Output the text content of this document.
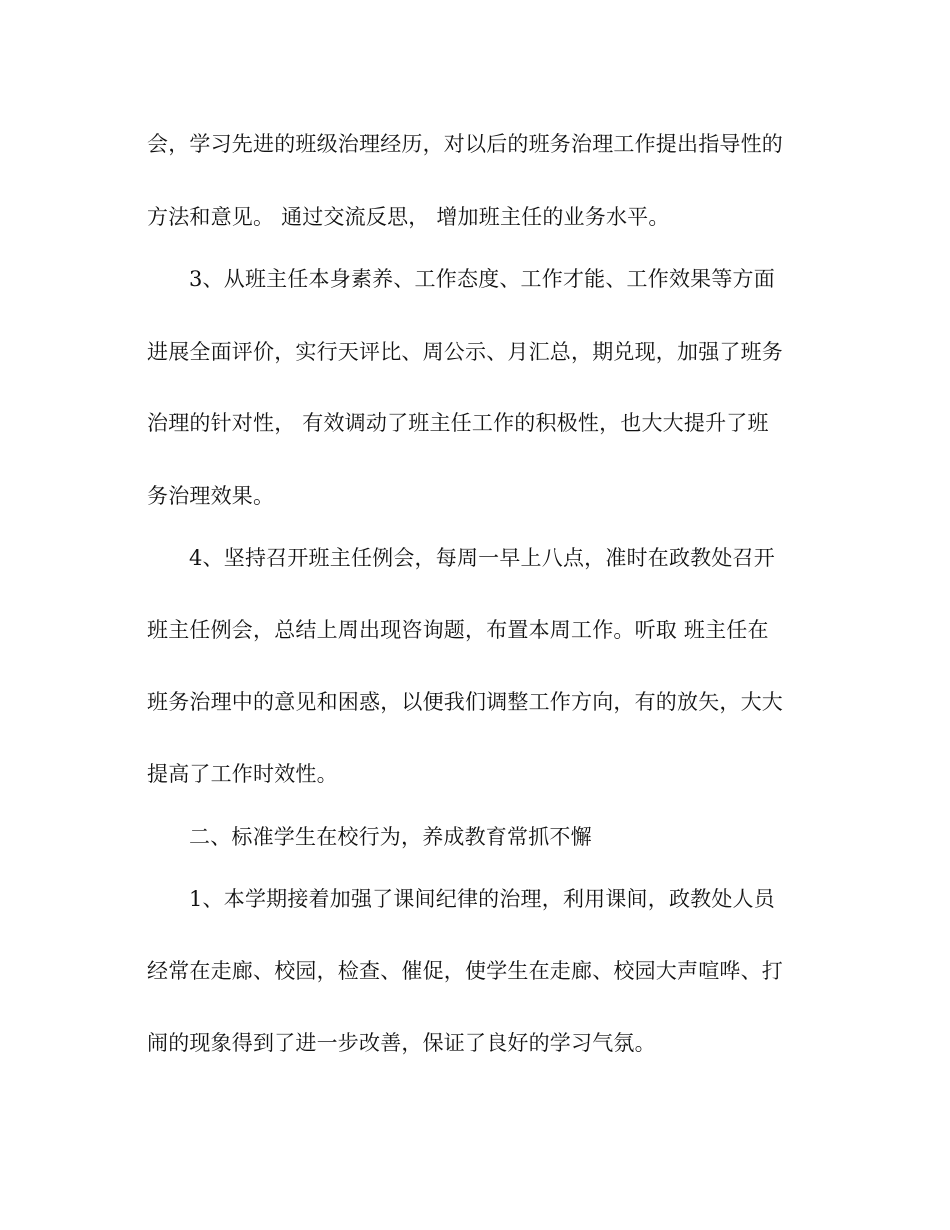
会，学习先进的班级治理经历，对以后的班务治理工作提出指导性的
方法和意见。 通过交流反思， 增加班主任的业务水平。
3、从班主任本身素养、工作态度、工作才能、工作效果等方面
进展全面评价，实行天评比、周公示、月汇总，期兑现，加强了班务
治理的针对性， 有效调动了班主任工作的积极性，也大大提升了班
务治理效果。
4、坚持召开班主任例会，每周一早上八点，准时在政教处召开
班主任例会，总结上周出现咨询题，布置本周工作。听取 班主任在
班务治理中的意见和困惑，以便我们调整工作方向，有的放矢，大大
提高了工作时效性。
二、标准学生在校行为，养成教育常抓不懈
1、本学期接着加强了课间纪律的治理，利用课间，政教处人员
经常在走廊、校园，检查、催促，使学生在走廊、校园大声喧哗、打
闹的现象得到了进一步改善，保证了良好的学习气氛。
